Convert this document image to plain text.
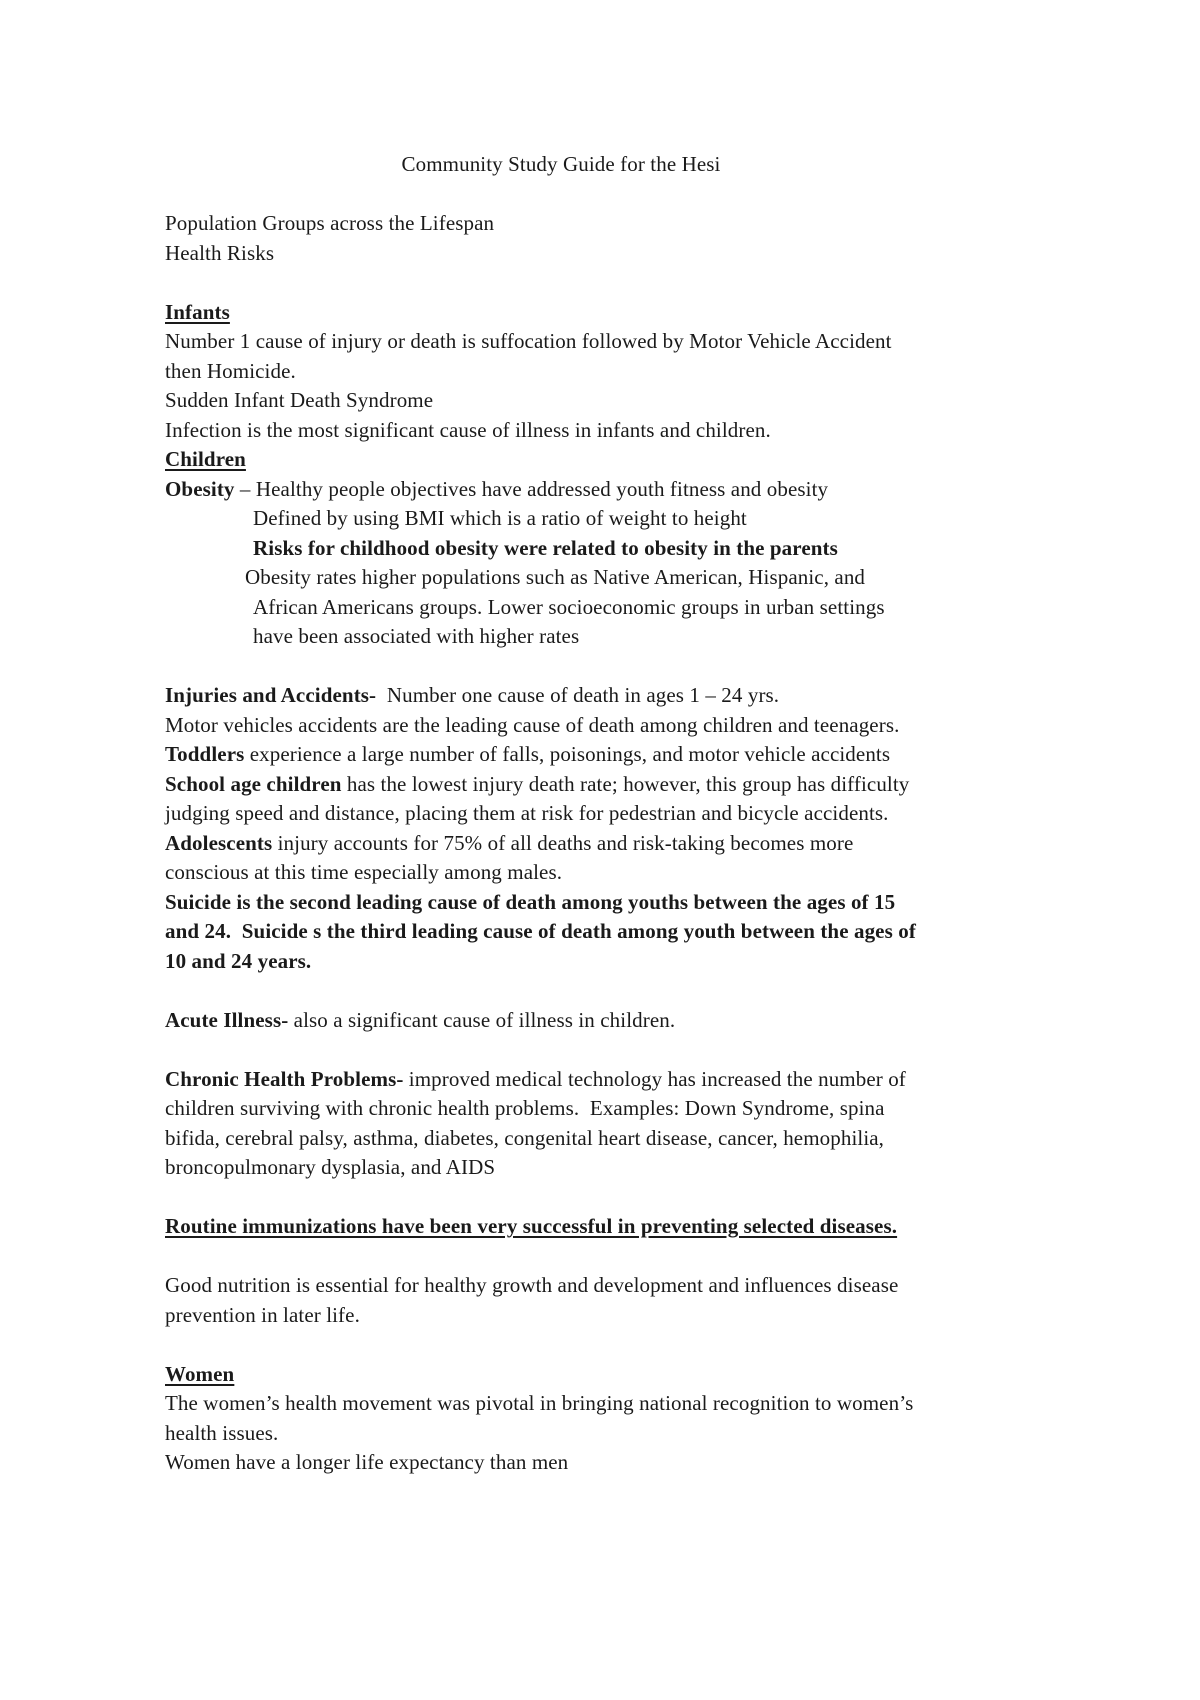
Community Study Guide for the Hesi
Population Groups across the Lifespan
Health Risks
Infants
Number 1 cause of injury or death is suffocation followed by Motor Vehicle Accident
then Homicide.
Sudden Infant Death Syndrome
Infection is the most significant cause of illness in infants and children.
Children
Obesity – Healthy people objectives have addressed youth fitness and obesity
Defined by using BMI which is a ratio of weight to height
Risks for childhood obesity were related to obesity in the parents
Obesity rates higher populations such as Native American, Hispanic, and
African Americans groups. Lower socioeconomic groups in urban settings
have been associated with higher rates
Injuries and Accidents-  Number one cause of death in ages 1 – 24 yrs.
Motor vehicles accidents are the leading cause of death among children and teenagers.
Toddlers experience a large number of falls, poisonings, and motor vehicle accidents
School age children has the lowest injury death rate; however, this group has difficulty
judging speed and distance, placing them at risk for pedestrian and bicycle accidents.
Adolescents injury accounts for 75% of all deaths and risk-taking becomes more
conscious at this time especially among males.
Suicide is the second leading cause of death among youths between the ages of 15
and 24.  Suicide s the third leading cause of death among youth between the ages of
10 and 24 years.
Acute Illness- also a significant cause of illness in children.
Chronic Health Problems- improved medical technology has increased the number of
children surviving with chronic health problems.  Examples: Down Syndrome, spina
bifida, cerebral palsy, asthma, diabetes, congenital heart disease, cancer, hemophilia,
broncopulmonary dysplasia, and AIDS
Routine immunizations have been very successful in preventing selected diseases.
Good nutrition is essential for healthy growth and development and influences disease
prevention in later life.
Women
The women’s health movement was pivotal in bringing national recognition to women’s
health issues.
Women have a longer life expectancy than men
